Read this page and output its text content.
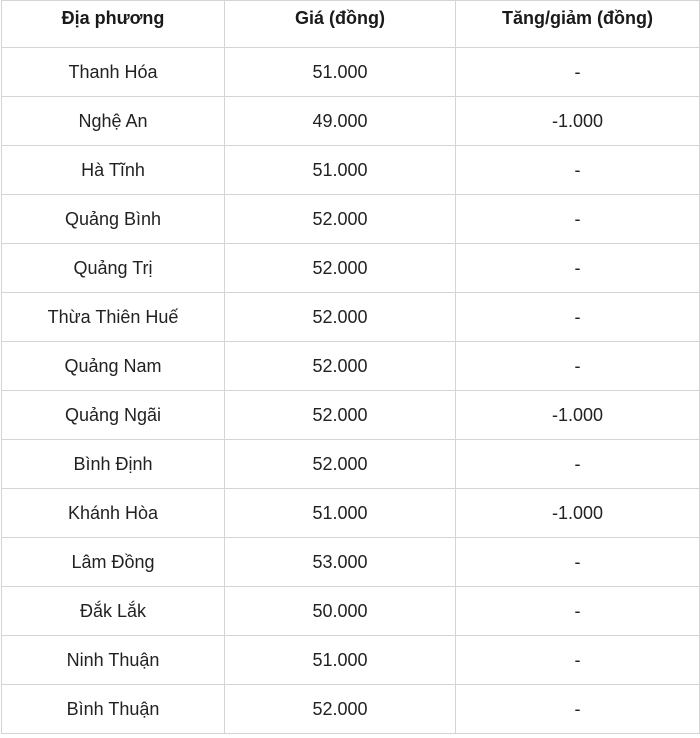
Địa phương	Giá (đồng)	Tăng/giảm (đồng)
Thanh Hóa	51.000	-
Nghệ An	49.000	-1.000
Hà Tĩnh	51.000	-
Quảng Bình	52.000	-
Quảng Trị	52.000	-
Thừa Thiên Huế	52.000	-
Quảng Nam	52.000	-
Quảng Ngãi	52.000	-1.000
Bình Định	52.000	-
Khánh Hòa	51.000	-1.000
Lâm Đồng	53.000	-
Đắk Lắk	50.000	-
Ninh Thuận	51.000	-
Bình Thuận	52.000	-
